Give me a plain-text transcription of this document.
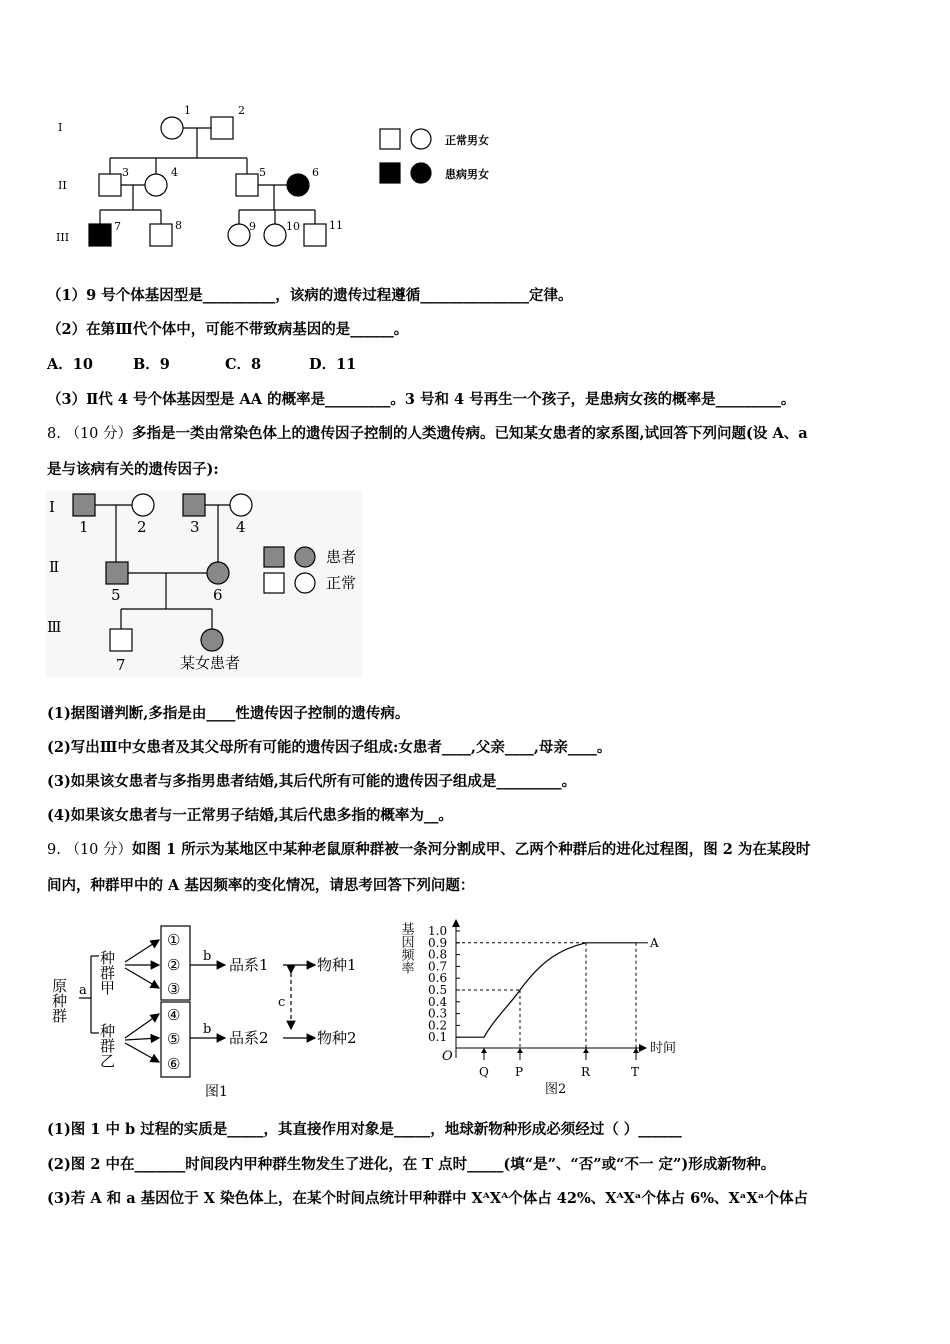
I
II
III
1	2
3	4	5	6
7	8	9	10	11
正常男女
患病男女
（1）9 号个体基因型是__________，该病的遗传过程遵循_______________定律。
（2）在第Ⅲ代个体中，可能不带致病基因的是______。
A．10	B．9	C．8	D．11
（3）Ⅱ代 4 号个体基因型是 AA 的概率是_________。3 号和 4 号再生一个孩子，是患病女孩的概率是_________。
8. （10 分）多指是一类由常染色体上的遗传因子控制的人类遗传病。已知某女患者的家系图,试回答下列问题(设 A、a
是与该病有关的遗传因子):
I
Ⅱ
Ⅲ
1	2	3 4
5	6
7	某女患者
患者
正常
(1)据图谱判断,多指是由____性遗传因子控制的遗传病。
(2)写出Ⅲ中女患者及其父母所有可能的遗传因子组成:女患者____,父亲____,母亲____。
(3)如果该女患者与多指男患者结婚,其后代所有可能的遗传因子组成是_________。
(4)如果该女患者与一正常男子结婚,其后代患多指的概率为__。
9. （10 分）如图 1 所示为某地区中某种老鼠原种群被一条河分割成甲、乙两个种群后的进化过程图，图 2 为在某段时
间内，种群甲中的 A 基因频率的变化情况，请思考回答下列问题：
原种群 a 种群甲
种群乙
①
②
③
④
⑤
⑥
b
b
品系1
品系2
物种1
物种2
c
图1
1.0
0.9
0.8
0.7
0.6
0.5
0.4
0.3
0.2
0.1
Q P	R	T
A
基因频率
时间
O
图2
(1)图 1 中 b 过程的实质是_____，其直接作用对象是_____，地球新物种形成必须经过（ ）______
(2)图 2 中在_______时间段内甲种群生物发生了进化，在 T 点时_____(填“是”、“否”或“不一 定”)形成新物种。
(3)若 A 和 a 基因位于 X 染色体上，在某个时间点统计甲种群中 XᴬXᴬ个体占 42%、XᴬXᵃ个体占 6%、XᵃXᵃ个体占
